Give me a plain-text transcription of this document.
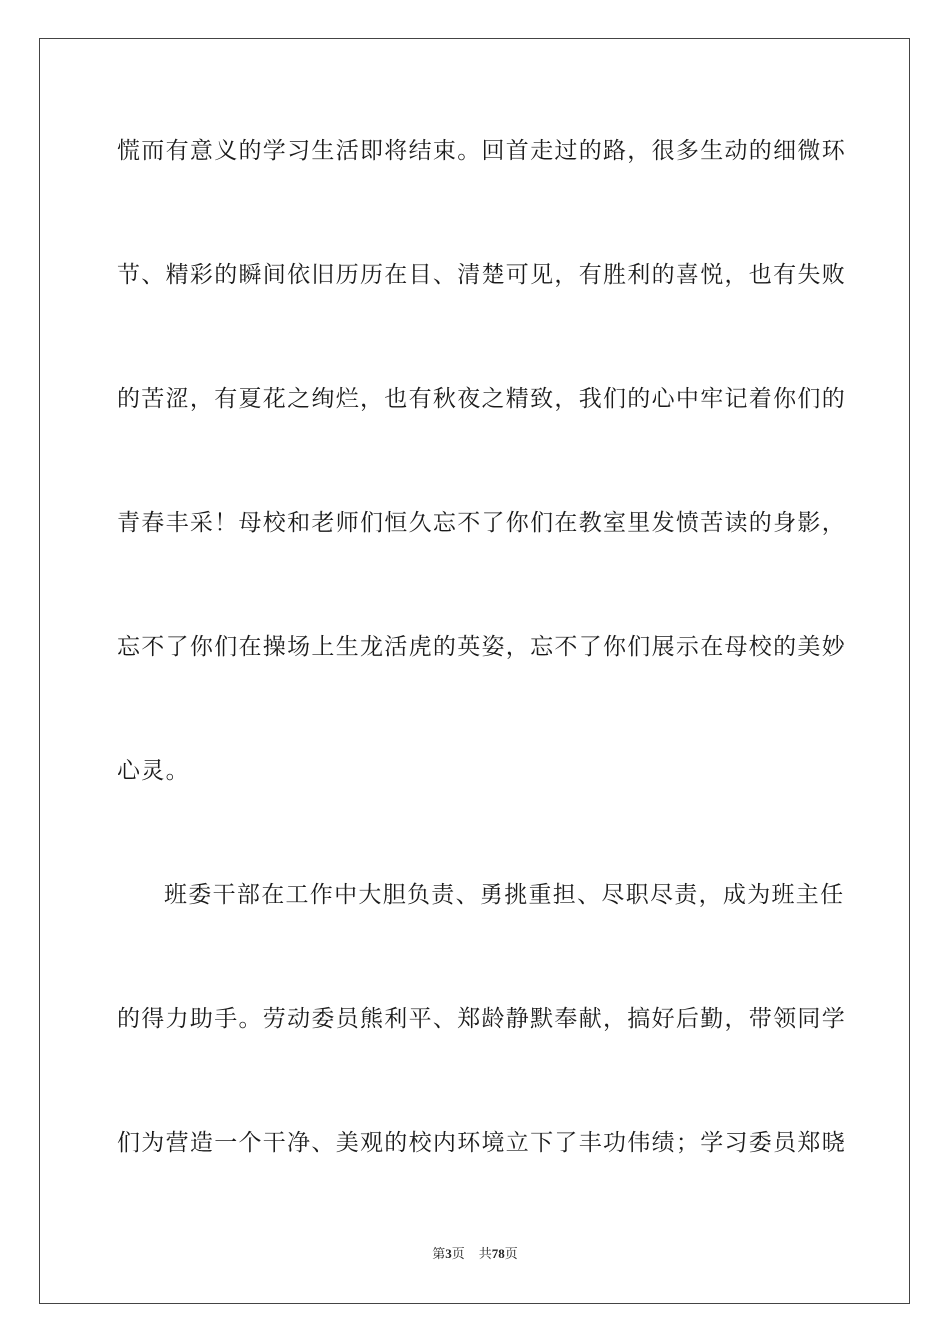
慌而有意义的学习生活即将结束。回首走过的路，很多生动的细微环
节、精彩的瞬间依旧历历在目、清楚可见，有胜利的喜悦，也有失败
的苦涩，有夏花之绚烂，也有秋夜之精致，我们的心中牢记着你们的
青春丰采！母校和老师们恒久忘不了你们在教室里发愤苦读的身影，
忘不了你们在操场上生龙活虎的英姿，忘不了你们展示在母校的美妙
心灵。
班委干部在工作中大胆负责、勇挑重担、尽职尽责，成为班主任
的得力助手。劳动委员熊利平、郑龄静默奉献，搞好后勤，带领同学
们为营造一个干净、美观的校内环境立下了丰功伟绩；学习委员郑晓
第3页 共78页
